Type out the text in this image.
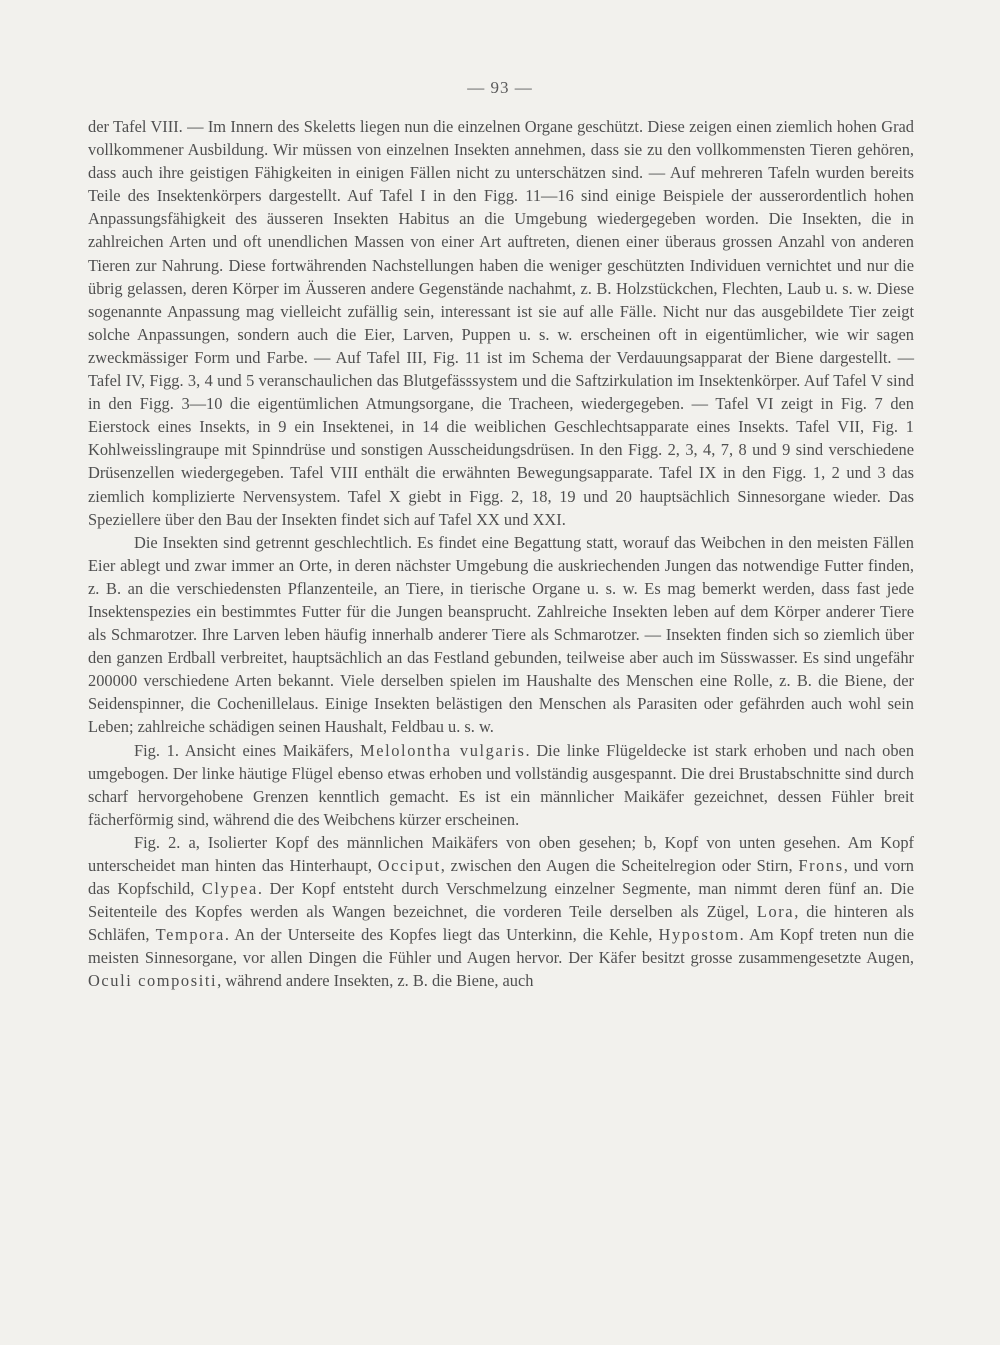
— 93 —

der Tafel VIII. — Im Innern des Skeletts liegen nun die einzelnen Organe geschützt. Diese zeigen einen ziemlich hohen Grad vollkommener Ausbildung. Wir müssen von einzelnen Insekten annehmen, dass sie zu den vollkommensten Tieren gehören, dass auch ihre geistigen Fähigkeiten in einigen Fällen nicht zu unterschätzen sind. — Auf mehreren Tafeln wurden bereits Teile des Insektenkörpers dargestellt. Auf Tafel I in den Figg. 11—16 sind einige Beispiele der ausserordentlich hohen Anpassungsfähigkeit des äusseren Insekten Habitus an die Umgebung wiedergegeben worden. Die Insekten, die in zahlreichen Arten und oft unendlichen Massen von einer Art auftreten, dienen einer überaus grossen Anzahl von anderen Tieren zur Nahrung. Diese fortwährenden Nachstellungen haben die weniger geschützten Individuen vernichtet und nur die übrig gelassen, deren Körper im Äusseren andere Gegenstände nachahmt, z. B. Holzstückchen, Flechten, Laub u. s. w. Diese sogenannte Anpassung mag vielleicht zufällig sein, interessant ist sie auf alle Fälle. Nicht nur das ausgebildete Tier zeigt solche Anpassungen, sondern auch die Eier, Larven, Puppen u. s. w. erscheinen oft in eigentümlicher, wie wir sagen zweckmässiger Form und Farbe. — Auf Tafel III, Fig. 11 ist im Schema der Verdauungsapparat der Biene dargestellt. — Tafel IV, Figg. 3, 4 und 5 veranschaulichen das Blutgefässsystem und die Saftzirkulation im Insektenkörper. Auf Tafel V sind in den Figg. 3—10 die eigentümlichen Atmungsorgane, die Tracheen, wiedergegeben. — Tafel VI zeigt in Fig. 7 den Eierstock eines Insekts, in 9 ein Insektenei, in 14 die weiblichen Geschlechtsapparate eines Insekts. Tafel VII, Fig. 1 Kohlweisslingraupe mit Spinndrüse und sonstigen Ausscheidungsdrüsen. In den Figg. 2, 3, 4, 7, 8 und 9 sind verschiedene Drüsenzellen wiedergegeben. Tafel VIII enthält die erwähnten Bewegungsapparate. Tafel IX in den Figg. 1, 2 und 3 das ziemlich komplizierte Nervensystem. Tafel X giebt in Figg. 2, 18, 19 und 20 hauptsächlich Sinnesorgane wieder. Das Speziellere über den Bau der Insekten findet sich auf Tafel XX und XXI.

Die Insekten sind getrennt geschlechtlich. Es findet eine Begattung statt, worauf das Weibchen in den meisten Fällen Eier ablegt und zwar immer an Orte, in deren nächster Umgebung die auskriechenden Jungen das notwendige Futter finden, z. B. an die verschiedensten Pflanzenteile, an Tiere, in tierische Organe u. s. w. Es mag bemerkt werden, dass fast jede Insektenspezies ein bestimmtes Futter für die Jungen beansprucht. Zahlreiche Insekten leben auf dem Körper anderer Tiere als Schmarotzer. Ihre Larven leben häufig innerhalb anderer Tiere als Schmarotzer. — Insekten finden sich so ziemlich über den ganzen Erdball verbreitet, hauptsächlich an das Festland gebunden, teilweise aber auch im Süsswasser. Es sind ungefähr 200000 verschiedene Arten bekannt. Viele derselben spielen im Haushalte des Menschen eine Rolle, z. B. die Biene, der Seidenspinner, die Cochenillelaus. Einige Insekten belästigen den Menschen als Parasiten oder gefährden auch wohl sein Leben; zahlreiche schädigen seinen Haushalt, Feldbau u. s. w.

Fig. 1. Ansicht eines Maikäfers, Melolontha vulgaris. Die linke Flügeldecke ist stark erhoben und nach oben umgebogen. Der linke häutige Flügel ebenso etwas erhoben und vollständig ausgespannt. Die drei Brustabschnitte sind durch scharf hervorgehobene Grenzen kenntlich gemacht. Es ist ein männlicher Maikäfer gezeichnet, dessen Fühler breit fächerförmig sind, während die des Weibchens kürzer erscheinen.

Fig. 2. a, Isolierter Kopf des männlichen Maikäfers von oben gesehen; b, Kopf von unten gesehen. Am Kopf unterscheidet man hinten das Hinterhaupt, Occiput, zwischen den Augen die Scheitelregion oder Stirn, Frons, und vorn das Kopfschild, Clypea. Der Kopf entsteht durch Verschmelzung einzelner Segmente, man nimmt deren fünf an. Die Seitenteile des Kopfes werden als Wangen bezeichnet, die vorderen Teile derselben als Zügel, Lora, die hinteren als Schläfen, Tempora. An der Unterseite des Kopfes liegt das Unterkinn, die Kehle, Hypostom. Am Kopf treten nun die meisten Sinnesorgane, vor allen Dingen die Fühler und Augen hervor. Der Käfer besitzt grosse zusammengesetzte Augen, Oculi compositi, während andere Insekten, z. B. die Biene, auch
